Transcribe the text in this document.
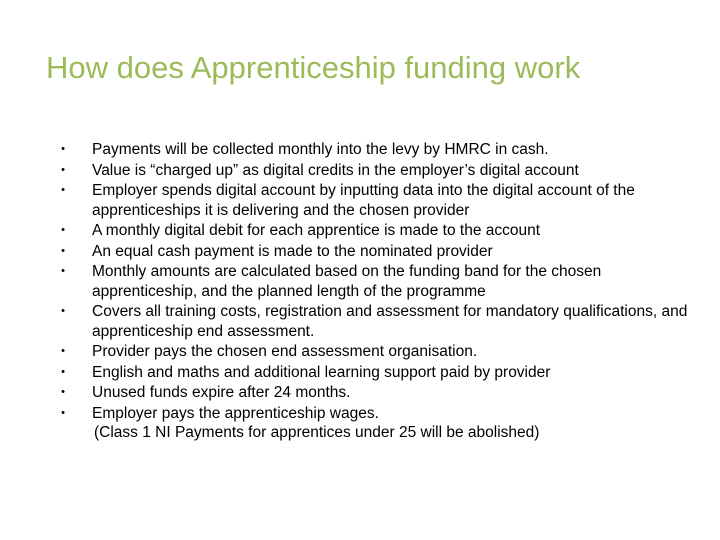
How does Apprenticeship funding work
•	Payments will be collected monthly into the levy by HMRC in cash.
•	Value is “charged up” as digital credits in the employer’s digital account
•	Employer spends digital account by inputting data into the digital account of the apprenticeships it is delivering and the chosen provider
•	A monthly digital debit for each apprentice is made to the account
•	An equal cash payment is made to the nominated provider
•	Monthly amounts are calculated based on the funding band for the chosen apprenticeship, and the planned length of the programme
•	Covers all training costs, registration and assessment for mandatory qualifications, and apprenticeship end assessment.
•	Provider pays the chosen end assessment organisation.
•	English and maths and additional learning support paid by provider
•	Unused funds expire after 24 months.
•	Employer pays the apprenticeship wages.
(Class 1 NI Payments for apprentices under 25 will be abolished)
